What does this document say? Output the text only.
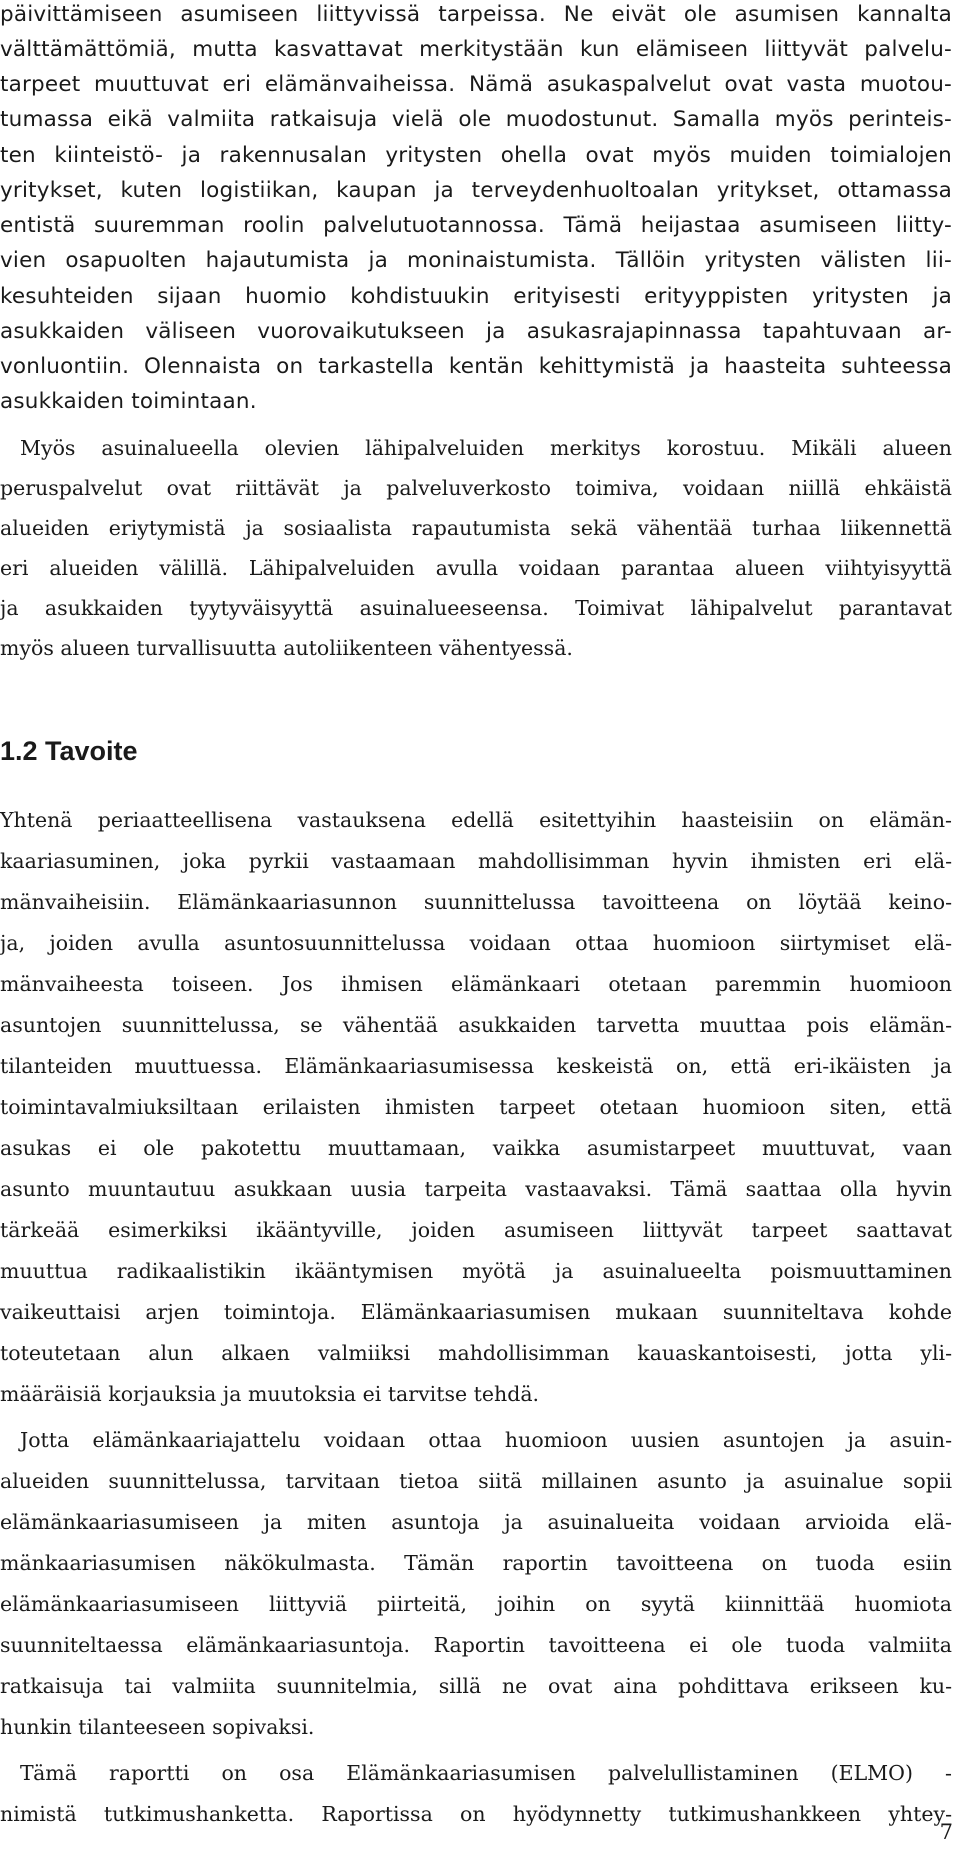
päivittämiseen asumiseen liittyvissä tarpeissa. Ne eivät ole asumisen kannalta

välttämättömiä, mutta kasvattavat merkitystään kun elämiseen liittyvät palvelu-

tarpeet muuttuvat eri elämänvaiheissa. Nämä asukaspalvelut ovat vasta muotou-

tumassa eikä valmiita ratkaisuja vielä ole muodostunut. Samalla myös perinteis-

ten kiinteistö- ja rakennusalan yritysten ohella ovat myös muiden toimialojen

yritykset, kuten logistiikan, kaupan ja terveydenhuoltoalan yritykset, ottamassa

entistä suuremman roolin palvelutuotannossa. Tämä heijastaa asumiseen liitty-

vien osapuolten hajautumista ja moninaistumista. Tällöin yritysten välisten lii-

kesuhteiden sijaan huomio kohdistuukin erityisesti erityyppisten yritysten ja

asukkaiden väliseen vuorovaikutukseen ja asukasrajapinnassa tapahtuvaan ar-

vonluontiin. Olennaista on tarkastella kentän kehittymistä ja haasteita suhteessa

asukkaiden toimintaan.

Myös asuinalueella olevien lähipalveluiden merkitys korostuu. Mikäli alueen

peruspalvelut ovat riittävät ja palveluverkosto toimiva, voidaan niillä ehkäistä

alueiden eriytymistä ja sosiaalista rapautumista sekä vähentää turhaa liikennettä

eri alueiden välillä. Lähipalveluiden avulla voidaan parantaa alueen viihtyisyyttä

ja asukkaiden tyytyväisyyttä asuinalueeseensa. Toimivat lähipalvelut parantavat

myös alueen turvallisuutta autoliikenteen vähentyessä.

1.2 Tavoite

Yhtenä periaatteellisena vastauksena edellä esitettyihin haasteisiin on elämän-

kaariasuminen, joka pyrkii vastaamaan mahdollisimman hyvin ihmisten eri elä-

mänvaiheisiin. Elämänkaariasunnon suunnittelussa tavoitteena on löytää keino-

ja, joiden avulla asuntosuunnittelussa voidaan ottaa huomioon siirtymiset elä-

mänvaiheesta toiseen. Jos ihmisen elämänkaari otetaan paremmin huomioon

asuntojen suunnittelussa, se vähentää asukkaiden tarvetta muuttaa pois elämän-

tilanteiden muuttuessa. Elämänkaariasumisessa keskeistä on, että eri-ikäisten ja

toimintavalmiuksiltaan erilaisten ihmisten tarpeet otetaan huomioon siten, että

asukas ei ole pakotettu muuttamaan, vaikka asumistarpeet muuttuvat, vaan

asunto muuntautuu asukkaan uusia tarpeita vastaavaksi. Tämä saattaa olla hyvin

tärkeää esimerkiksi ikääntyville, joiden asumiseen liittyvät tarpeet saattavat

muuttua radikaalistikin ikääntymisen myötä ja asuinalueelta poismuuttaminen

vaikeuttaisi arjen toimintoja. Elämänkaariasumisen mukaan suunniteltava kohde

toteutetaan alun alkaen valmiiksi mahdollisimman kauaskantoisesti, jotta yli-

määräisiä korjauksia ja muutoksia ei tarvitse tehdä.

Jotta elämänkaariajattelu voidaan ottaa huomioon uusien asuntojen ja asuin-

alueiden suunnittelussa, tarvitaan tietoa siitä millainen asunto ja asuinalue sopii

elämänkaariasumiseen ja miten asuntoja ja asuinalueita voidaan arvioida elä-

mänkaariasumisen näkökulmasta. Tämän raportin tavoitteena on tuoda esiin

elämänkaariasumiseen liittyviä piirteitä, joihin on syytä kiinnittää huomiota

suunniteltaessa elämänkaariasuntoja. Raportin tavoitteena ei ole tuoda valmiita

ratkaisuja tai valmiita suunnitelmia, sillä ne ovat aina pohdittava erikseen ku-

hunkin tilanteeseen sopivaksi.

Tämä raportti on osa Elämänkaariasumisen palvelullistaminen (ELMO) -

nimistä tutkimushanketta. Raportissa on hyödynnetty tutkimushankkeen yhtey-

7
